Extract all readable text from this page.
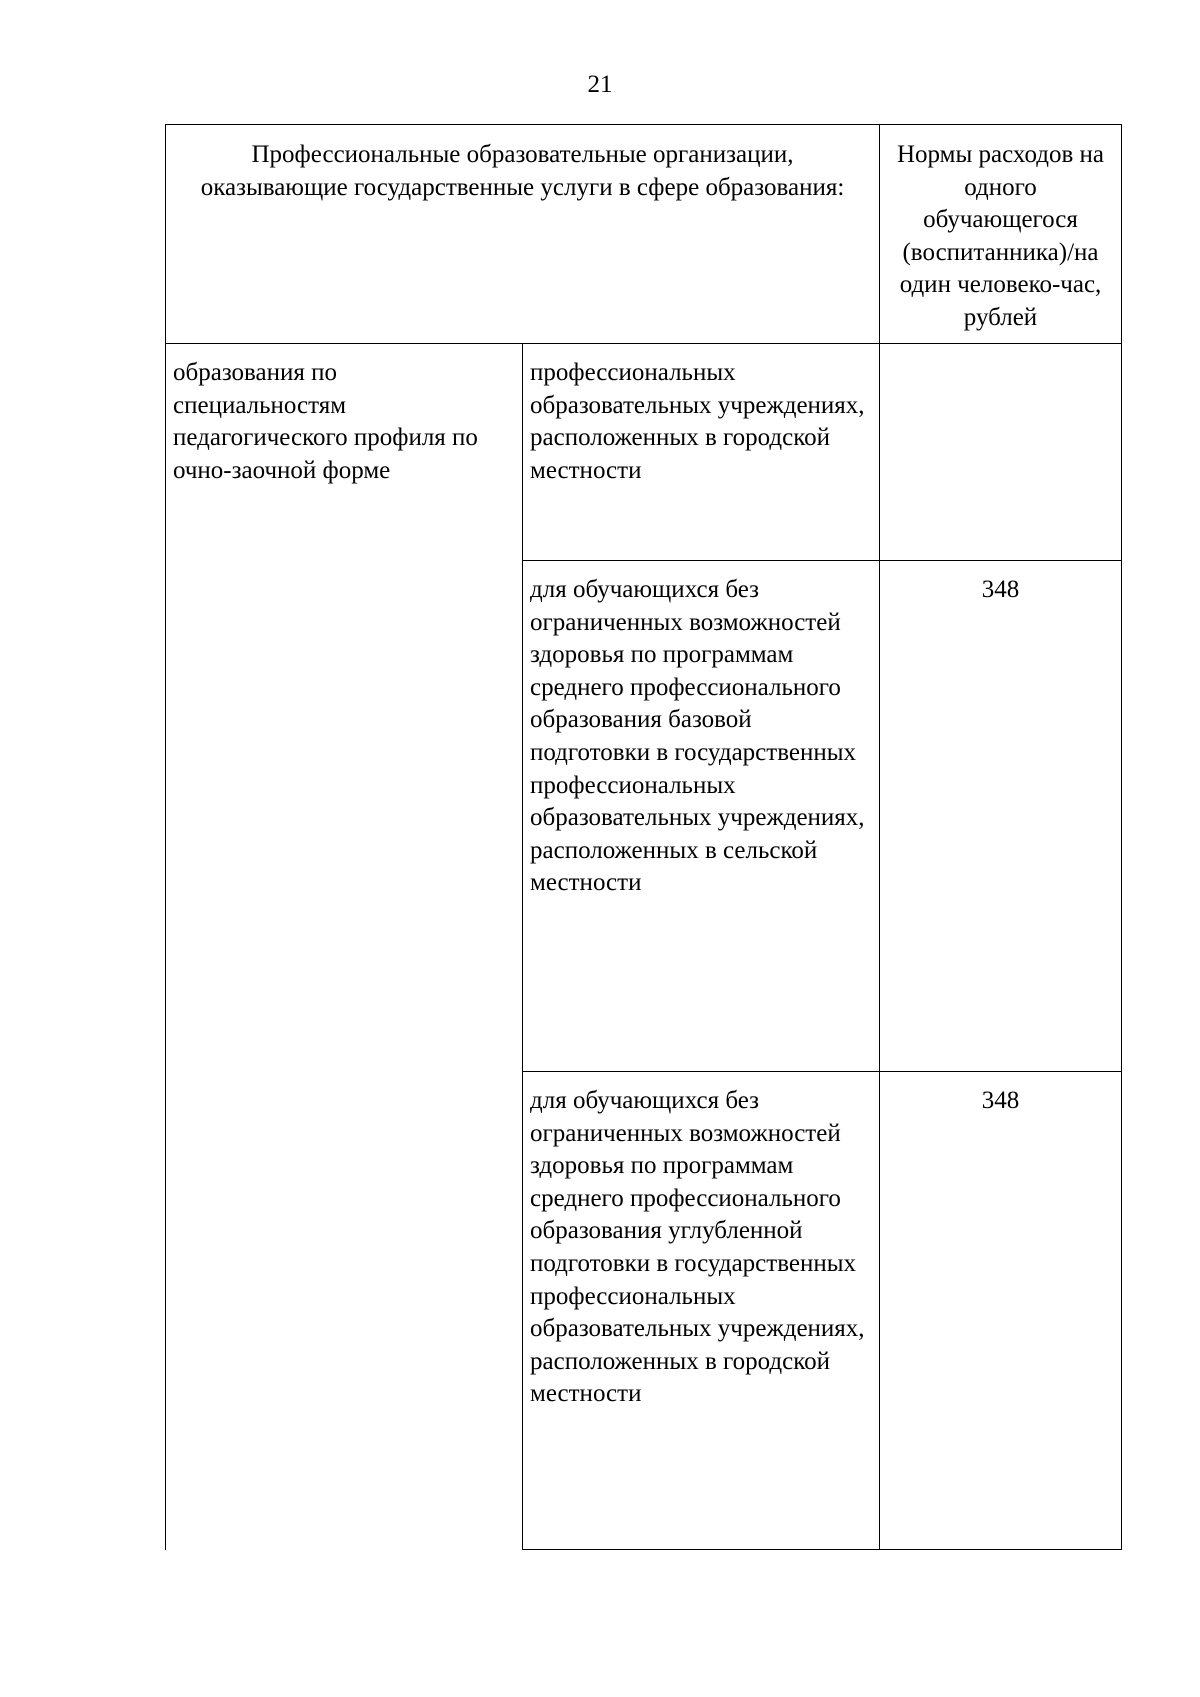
21
Профессиональные образовательные организации, оказывающие государственные услуги в сфере образования:		Нормы расходов на одного обучающегося (воспитанника)/на один человеко-час, рублей

образования по специальностям педагогического профиля по очно-заочной форме	профессиональных образовательных учреждениях, расположенных в городской местности	

	для обучающихся без ограниченных возможностей здоровья по программам среднего профессионального образования базовой подготовки в государственных профессиональных образовательных учреждениях, расположенных в сельской местности	348

	для обучающихся без ограниченных возможностей здоровья по программам среднего профессионального образования углубленной подготовки в государственных профессиональных образовательных учреждениях, расположенных в городской местности	348
